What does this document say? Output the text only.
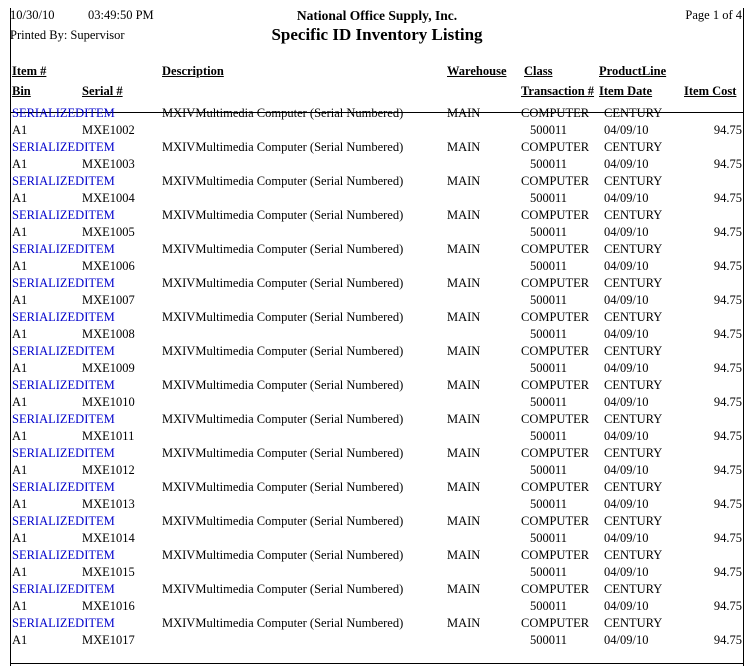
10/30/10	03:49:50 PM	National Office Supply, Inc.	Page 1 of 4
Printed By: Supervisor	Specific ID Inventory Listing
Item #	Description	Warehouse Class	ProductLine
Bin	Serial #	Transaction # Item Date	Item Cost
SERIALIZEDITEM	MXIVMultimedia Computer (Serial Numbered)	MAIN	COMPUTER CENTURY
A1	MXE1002	500011	04/09/10	94.75
SERIALIZEDITEM	MXIVMultimedia Computer (Serial Numbered)	MAIN	COMPUTER CENTURY
A1	MXE1003	500011	04/09/10	94.75
SERIALIZEDITEM	MXIVMultimedia Computer (Serial Numbered)	MAIN	COMPUTER CENTURY
A1	MXE1004	500011	04/09/10	94.75
SERIALIZEDITEM	MXIVMultimedia Computer (Serial Numbered)	MAIN	COMPUTER CENTURY
A1	MXE1005	500011	04/09/10	94.75
SERIALIZEDITEM	MXIVMultimedia Computer (Serial Numbered)	MAIN	COMPUTER CENTURY
A1	MXE1006	500011	04/09/10	94.75
SERIALIZEDITEM	MXIVMultimedia Computer (Serial Numbered)	MAIN	COMPUTER CENTURY
A1	MXE1007	500011	04/09/10	94.75
SERIALIZEDITEM	MXIVMultimedia Computer (Serial Numbered)	MAIN	COMPUTER CENTURY
A1	MXE1008	500011	04/09/10	94.75
SERIALIZEDITEM	MXIVMultimedia Computer (Serial Numbered)	MAIN	COMPUTER CENTURY
A1	MXE1009	500011	04/09/10	94.75
SERIALIZEDITEM	MXIVMultimedia Computer (Serial Numbered)	MAIN	COMPUTER CENTURY
A1	MXE1010	500011	04/09/10	94.75
SERIALIZEDITEM	MXIVMultimedia Computer (Serial Numbered)	MAIN	COMPUTER CENTURY
A1	MXE1011	500011	04/09/10	94.75
SERIALIZEDITEM	MXIVMultimedia Computer (Serial Numbered)	MAIN	COMPUTER CENTURY
A1	MXE1012	500011	04/09/10	94.75
SERIALIZEDITEM	MXIVMultimedia Computer (Serial Numbered)	MAIN	COMPUTER CENTURY
A1	MXE1013	500011	04/09/10	94.75
SERIALIZEDITEM	MXIVMultimedia Computer (Serial Numbered)	MAIN	COMPUTER CENTURY
A1	MXE1014	500011	04/09/10	94.75
SERIALIZEDITEM	MXIVMultimedia Computer (Serial Numbered)	MAIN	COMPUTER CENTURY
A1	MXE1015	500011	04/09/10	94.75
SERIALIZEDITEM	MXIVMultimedia Computer (Serial Numbered)	MAIN	COMPUTER CENTURY
A1	MXE1016	500011	04/09/10	94.75
SERIALIZEDITEM	MXIVMultimedia Computer (Serial Numbered)	MAIN	COMPUTER CENTURY
A1	MXE1017	500011	04/09/10	94.75
